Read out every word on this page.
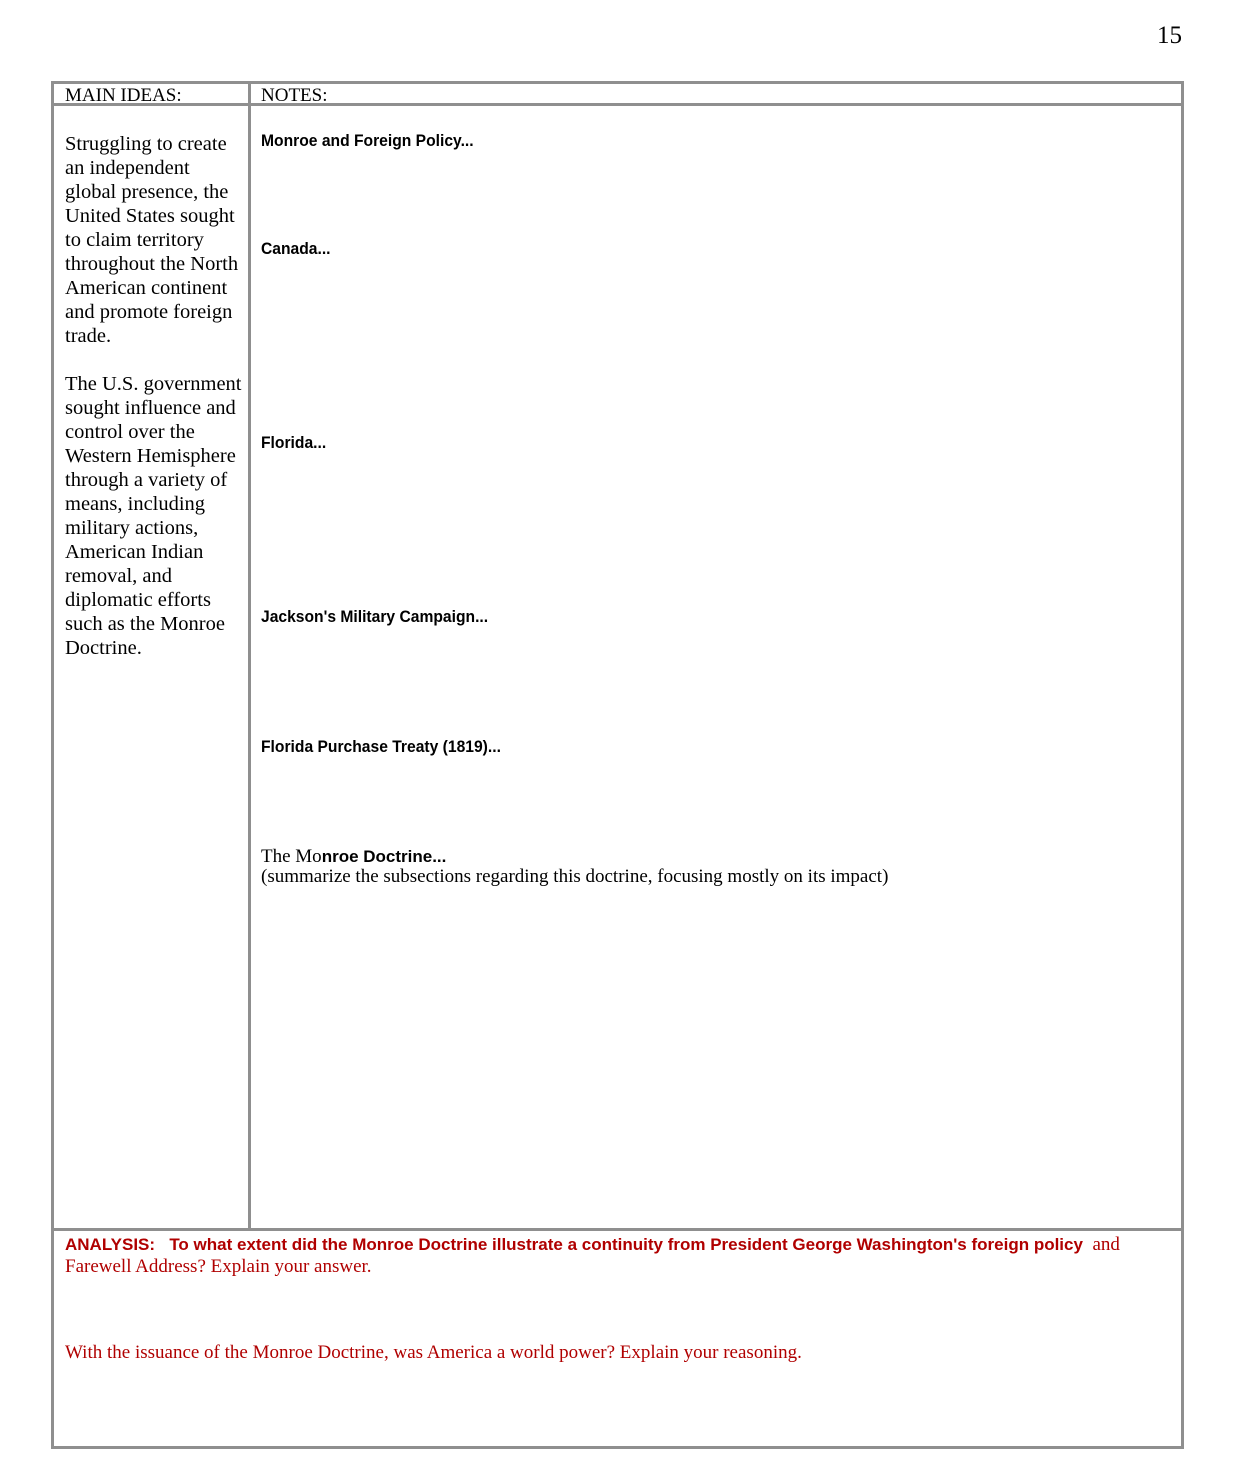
15
MAIN IDEAS:	NOTES:

Struggling to create an independent global presence, the United States sought to claim territory throughout the North American continent and promote foreign trade.

The U.S. government sought influence and control over the Western Hemisphere through a variety of means, including military actions, American Indian removal, and diplomatic efforts such as the Monroe Doctrine.

Monroe and Foreign Policy...
Canada...
Florida...
Jackson's Military Campaign...
Florida Purchase Treaty (1819)...
The Monroe Doctrine...
(summarize the subsections regarding this doctrine, focusing mostly on its impact)
ANALYSIS: To what extent did the Monroe Doctrine illustrate a continuity from President George Washington's foreign policy and Farewell Address? Explain your answer.
With the issuance of the Monroe Doctrine, was America a world power? Explain your reasoning.
